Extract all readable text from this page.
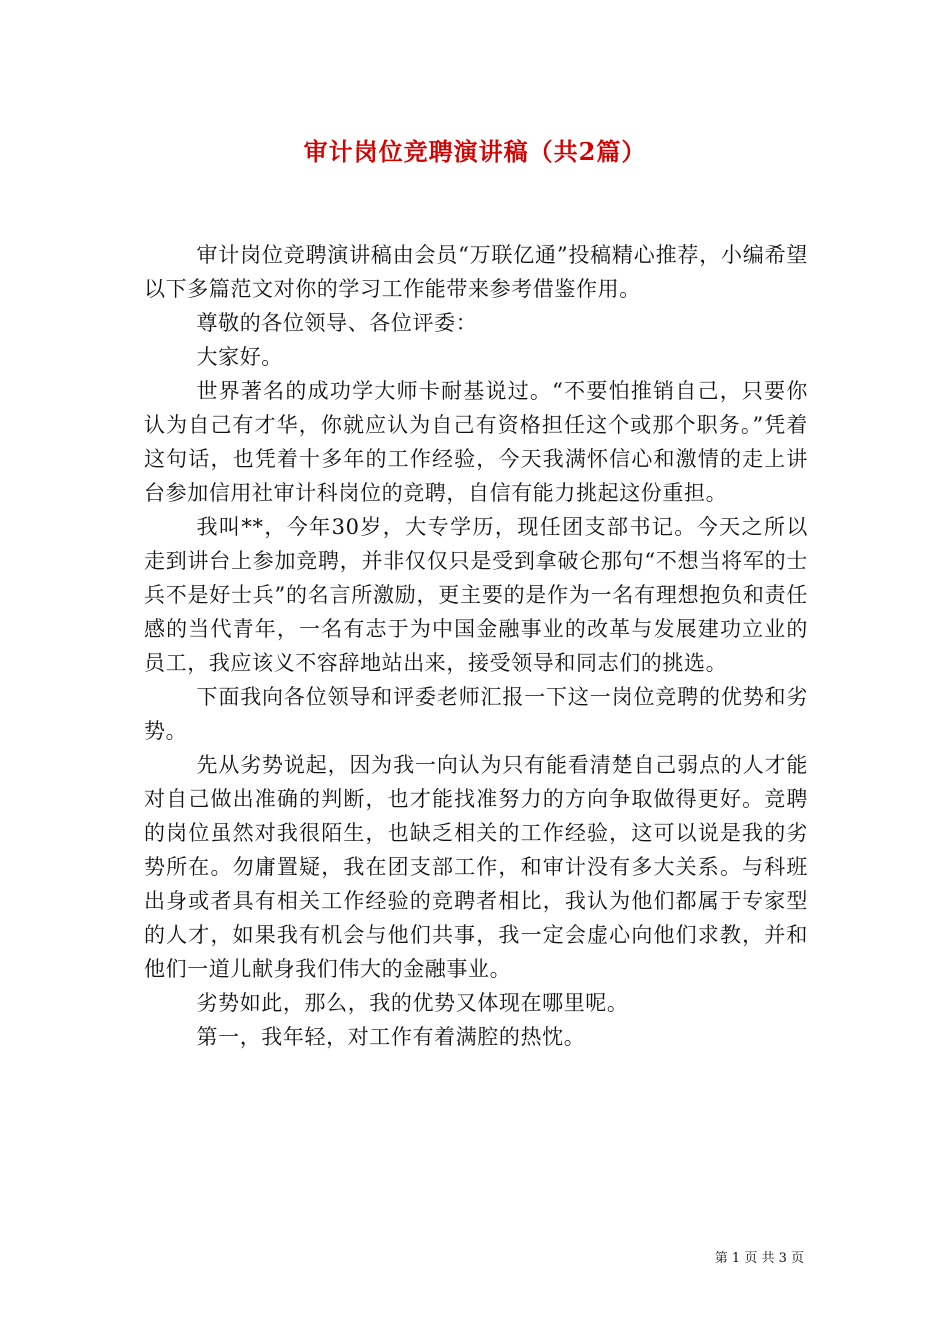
审计岗位竞聘演讲稿（共2篇）

审计岗位竞聘演讲稿由会员“万联亿通”投稿精心推荐，小编希望以下多篇范文对你的学习工作能带来参考借鉴作用。

尊敬的各位领导、各位评委：

大家好。

世界著名的成功学大师卡耐基说过。“不要怕推销自己，只要你认为自己有才华，你就应认为自己有资格担任这个或那个职务。”凭着这句话，也凭着十多年的工作经验，今天我满怀信心和激情的走上讲台参加信用社审计科岗位的竞聘，自信有能力挑起这份重担。

我叫**，今年30岁，大专学历，现任团支部书记。今天之所以走到讲台上参加竞聘，并非仅仅只是受到拿破仑那句“不想当将军的士兵不是好士兵”的名言所激励，更主要的是作为一名有理想抱负和责任感的当代青年，一名有志于为中国金融事业的改革与发展建功立业的员工，我应该义不容辞地站出来，接受领导和同志们的挑选。

下面我向各位领导和评委老师汇报一下这一岗位竞聘的优势和劣势。

先从劣势说起，因为我一向认为只有能看清楚自己弱点的人才能对自己做出准确的判断，也才能找准努力的方向争取做得更好。竞聘的岗位虽然对我很陌生，也缺乏相关的工作经验，这可以说是我的劣势所在。勿庸置疑，我在团支部工作，和审计没有多大关系。与科班出身或者具有相关工作经验的竞聘者相比，我认为他们都属于专家型的人才，如果我有机会与他们共事，我一定会虚心向他们求教，并和他们一道儿献身我们伟大的金融事业。

劣势如此，那么，我的优势又体现在哪里呢。

第一，我年轻，对工作有着满腔的热忱。

第 1 页 共 3 页
